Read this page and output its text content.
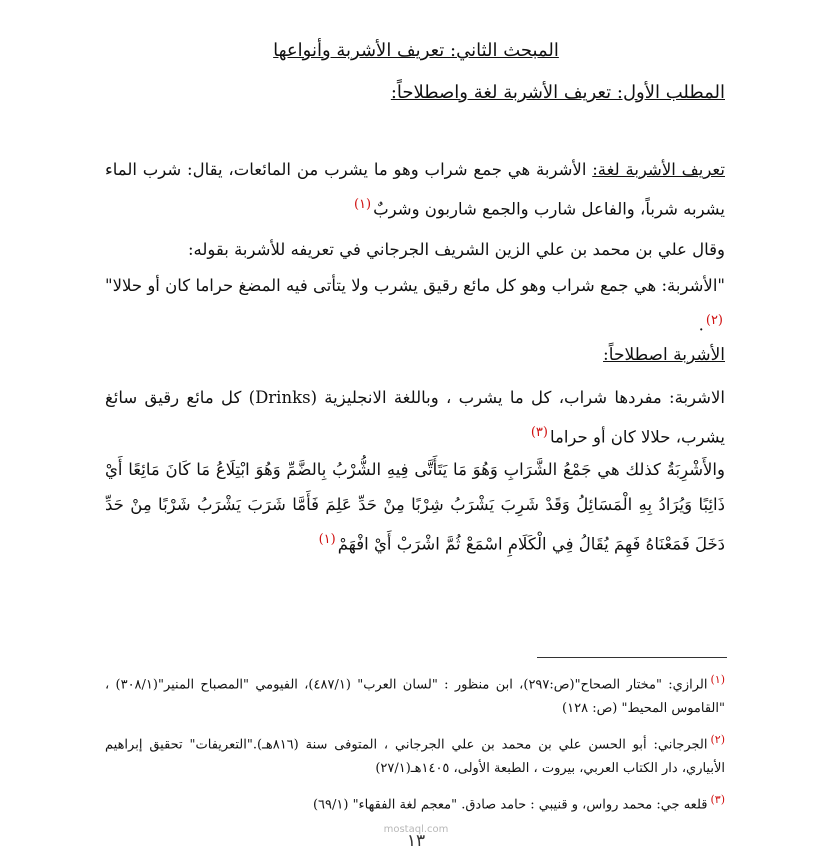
المبحث الثاني: تعريف الأشربة وأنواعها
المطلب الأول: تعريف الأشربة لغة واصطلاحاً:
تعريف الأشربة لغة: الأشربة هي جمع شراب وهو ما يشرب من المائعات، يقال: شرب الماء يشربه شرباً، والفاعل شارب والجمع شاربون وشربٌ$^{(١)}$
وقال علي بن محمد بن علي الزين الشريف الجرجاني في تعريفه للأشربة بقوله:
"الأشربة: هي جمع شراب وهو كل مائع رقيق يشرب ولا يتأتى فيه المضغ حراما كان أو حلالا"$^{(٢)}$.
الأشربة اصطلاحاً:
الاشربة: مفردها شراب، كل ما يشرب ، وباللغة الانجليزية (Drinks) كل مائع رقيق سائغ يشرب، حلالا كان أو حراما$^{(٣)}$
والأَشْرِبَةُ كذلك هي جَمْعُ الشَّرَابِ وَهُوَ مَا يَتَأَتَّى فِيهِ الشُّرْبُ بِالضَّمِّ وَهُوَ ابْتِلَاعُ مَا كَانَ مَائِعًا أَيْ ذَائِبًا وَيُرَادُ بِهِ الْمَسَائِلُ وَقَدْ شَرِبَ يَشْرَبُ شِرْبًا مِنْ حَدِّ عَلِمَ فَأَمَّا شَرَبَ يَشْرَبُ شَرْبًا مِنْ حَدِّ دَخَلَ فَمَعْنَاهُ فَهِمَ يُقَالُ فِي الْكَلَامِ اسْمَعْ ثُمَّ اشْرَبْ أَيْ افْهَمْ$^{(١)}$
$^{(١)}$الرازي: "مختار الصحاح"(ص:٢٩٧)، ابن منظور : "لسان العرب" (٤٨٧/١)، الفيومي "المصباح المنير"(٣٠٨/١) ، "القاموس المحيط" (ص: ١٢٨)
$^{(٢)}$الجرجاني: أبو الحسن علي بن محمد بن علي الجرجاني ، المتوفى سنة (٨١٦هـ)."التعريفات" تحقيق إبراهيم الأبياري، دار الكتاب العربي، بيروت ، الطبعة الأولى، ١٤٠٥هـ(٢٧/١)
$^{(٣)}$قلعه جي: محمد رواس، و قنيبي : حامد صادق. "معجم لغة الفقهاء" (٦٩/١)
mostaql.com
١٣
